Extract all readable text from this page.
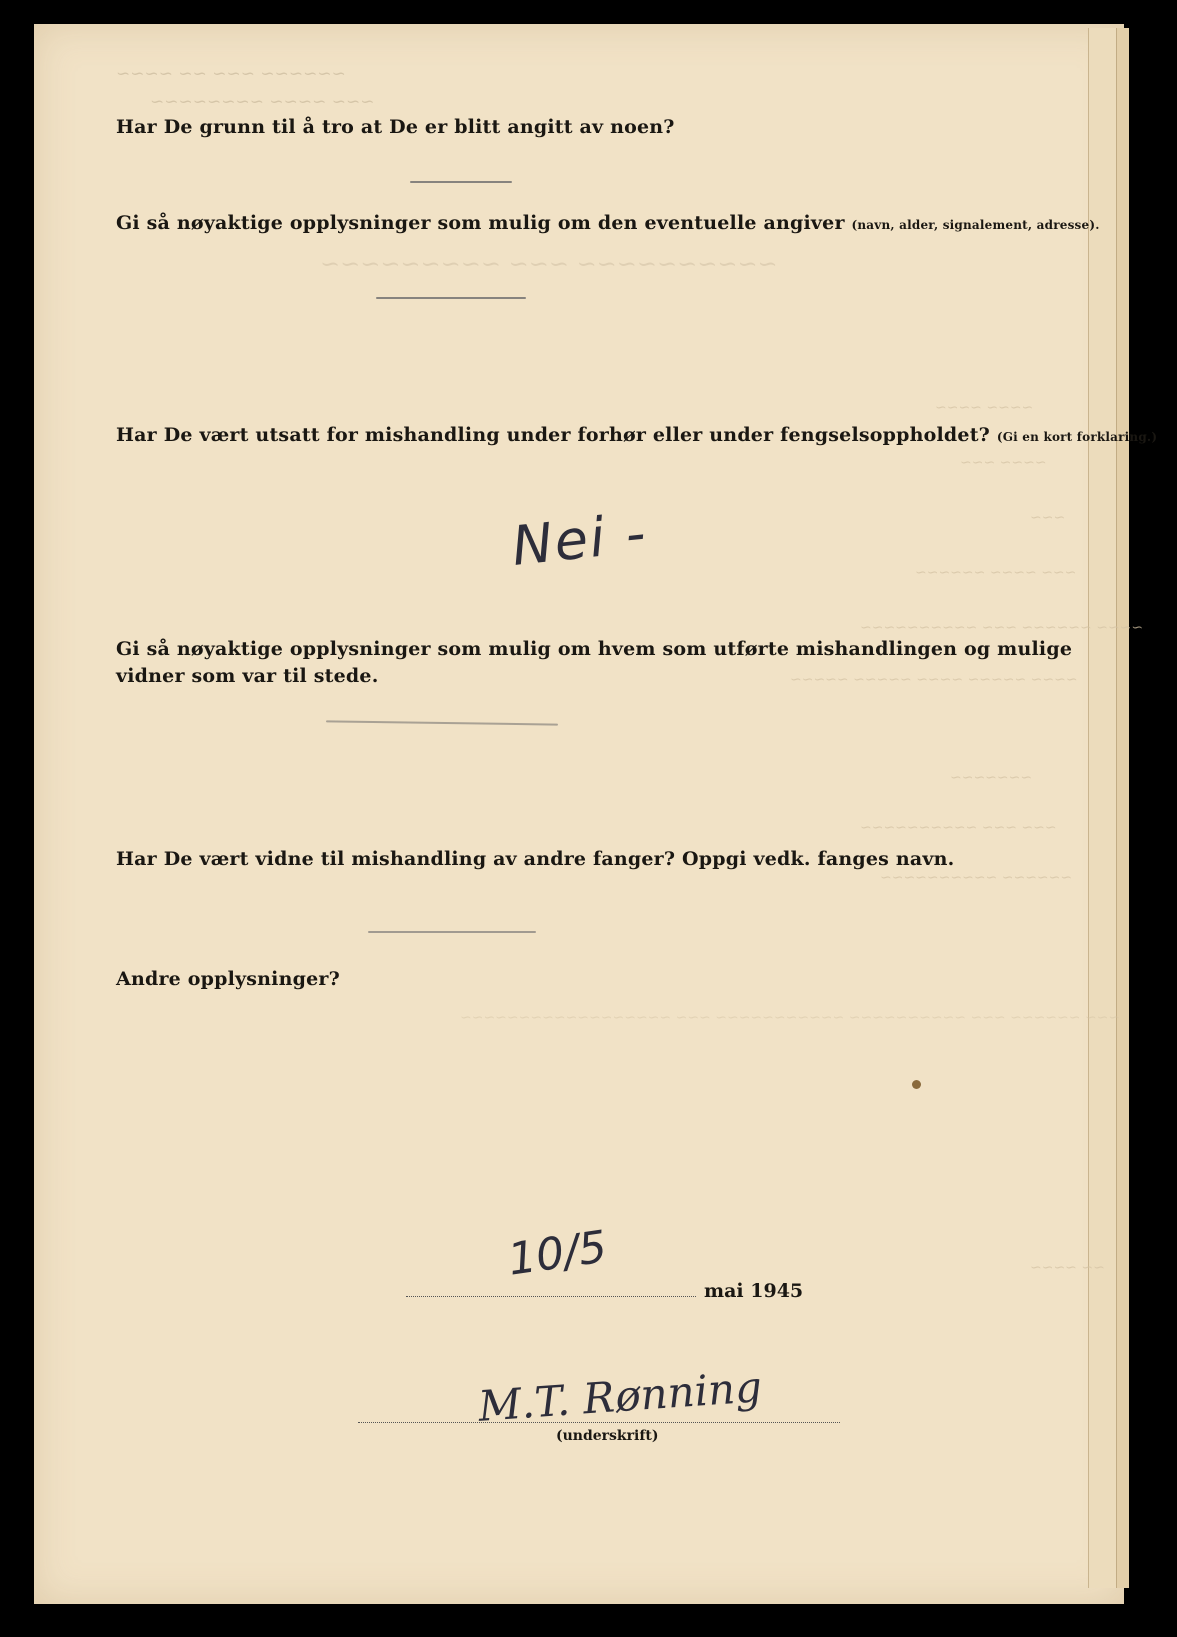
~~~~~~ ~~~ ~~ ~~~~
~~~ ~~~~ ~~~~~~~~
~~~~~~~~~~ ~~~ ~~~~~~~~~
~~~~ ~~~~
~~~~ ~~~
~~~
~~~ ~~~~ ~~~~~~
~~~~ ~~~~~~ ~~~ ~~~~~~~~~~
~~~~ ~~~~~ ~~~~ ~~~~~ ~~~~~
~~~~~~~
~~~ ~~~ ~~~~~~~~~~
~~~~~~ ~~~~~~~~~~
~~~ ~~~~~~ ~~~ ~~~~~~~~~~ ~~~~~~~~~~~ ~~~ ~~~~~~~~~~~~~~~~~~
~~ ~~~~

Har De grunn til å tro at De er blitt angitt av noen?

Gi så nøyaktige opplysninger som mulig om den eventuelle angiver (navn, alder, signalement, adresse).

Har De vært utsatt for mishandling under forhør eller under fengselsoppholdet? (Gi en kort forklaring.)

Nei -

Gi så nøyaktige opplysninger som mulig om hvem som utførte mishandlingen og mulige vidner som var til stede.

Har De vært vidne til mishandling av andre fanger? Oppgi vedk. fanges navn.

Andre opplysninger?

10/5
mai 1945
M.T. Rønning
(underskrift)
